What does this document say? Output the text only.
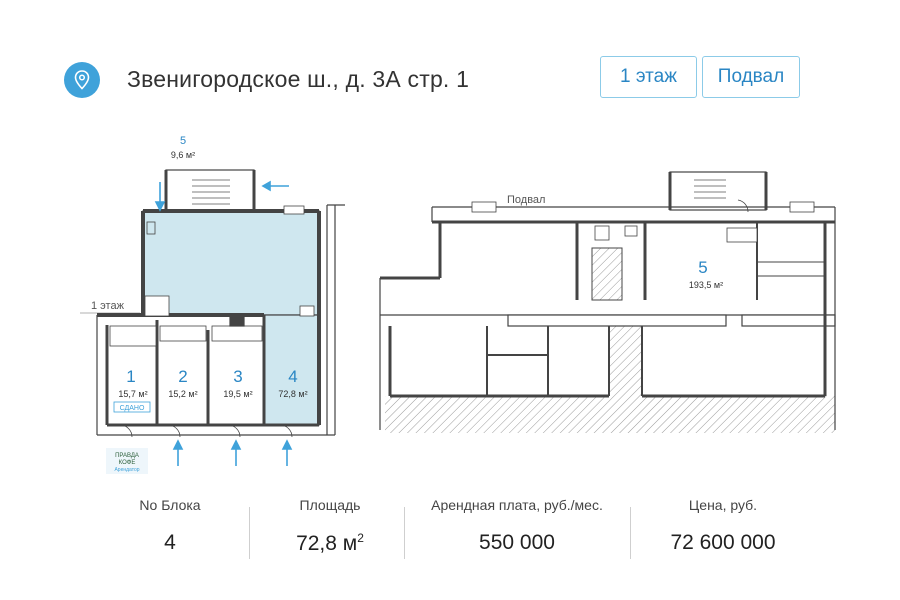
Звенигородское ш., д. 3А стр. 1	1 этаж	Подвал
1 этаж
5
9,6 м²
1
15,7 м²
СДАНО
2
15,2 м²
3
19,5 м²
4
72,8 м²
ПРАВДА
КОФЕ
Арендатор
Подвал
5
193,5 м²
No Блока
4
Площадь
72,8 $м^2$
Арендная плата, руб./мес.
550 000
Цена, руб.
72 600 000
